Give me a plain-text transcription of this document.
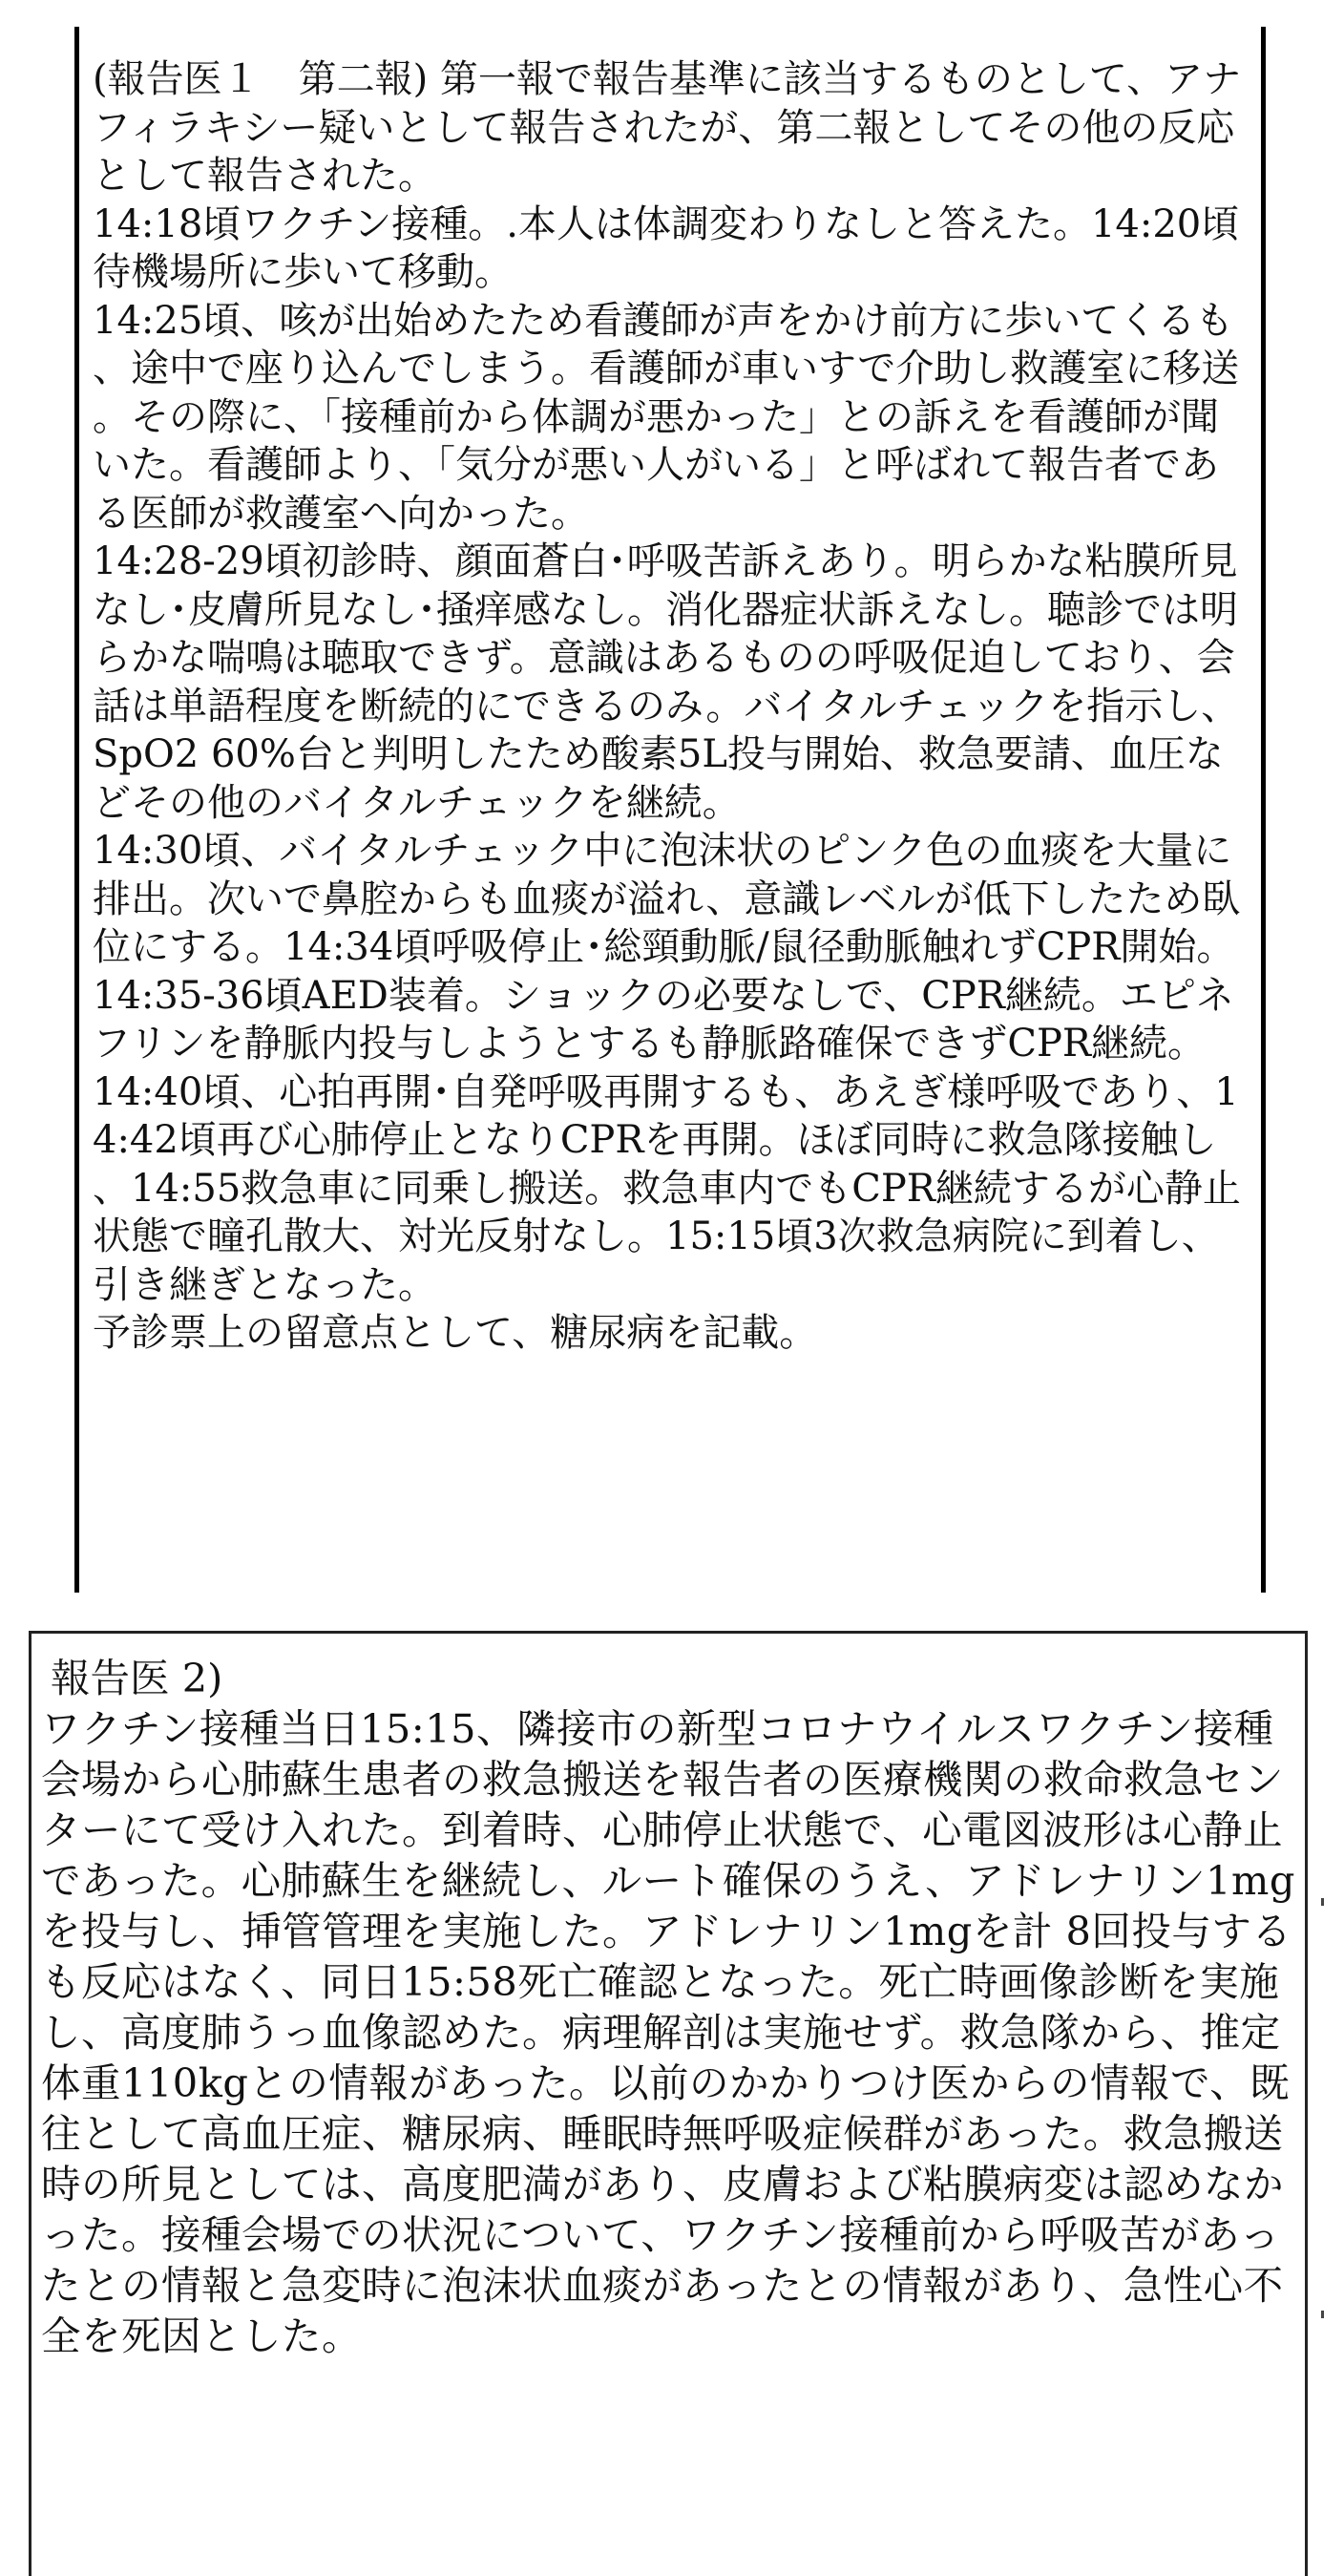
(報告医１　第二報) 第一報で報告基準に該当するものとして、アナフィラキシー疑いとして報告されたが、第二報としてその他の反応として報告された。

14:18頃ワクチン接種。.本人は体調変わりなしと答えた。14:20頃待機場所に歩いて移動。

14:25頃、咳が出始めたため看護師が声をかけ前方に歩いてくるも、途中で座り込んでしまう。看護師が車いすで介助し救護室に移送。その際に、「接種前から体調が悪かった」との訴えを看護師が聞いた。看護師より、「気分が悪い人がいる」と呼ばれて報告者である医師が救護室へ向かった。

14:28-29頃初診時、顔面蒼白･呼吸苦訴えあり。明らかな粘膜所見なし･皮膚所見なし･掻痒感なし。消化器症状訴えなし。聴診では明らかな喘鳴は聴取できず。意識はあるものの呼吸促迫しており、会話は単語程度を断続的にできるのみ。バイタルチェックを指示し、SpO2 60%台と判明したため酸素5L投与開始、救急要請、血圧などその他のバイタルチェックを継続。

14:30頃、バイタルチェック中に泡沫状のピンク色の血痰を大量に排出。次いで鼻腔からも血痰が溢れ、意識レベルが低下したため臥位にする。14:34頃呼吸停止･総頸動脈/鼠径動脈触れずCPR開始。14:35-36頃AED装着。ショックの必要なしで、CPR継続。エピネフリンを静脈内投与しようとするも静脈路確保できずCPR継続。

14:40頃、心拍再開･自発呼吸再開するも、あえぎ様呼吸であり、14:42頃再び心肺停止となりCPRを再開。ほぼ同時に救急隊接触し、14:55救急車に同乗し搬送。救急車内でもCPR継続するが心静止状態で瞳孔散大、対光反射なし。15:15頃3次救急病院に到着し、引き継ぎとなった。

予診票上の留意点として、糖尿病を記載。

報告医 2)

ワクチン接種当日15:15、隣接市の新型コロナウイルスワクチン接種会場から心肺蘇生患者の救急搬送を報告者の医療機関の救命救急センターにて受け入れた。到着時、心肺停止状態で、心電図波形は心静止であった。心肺蘇生を継続し、ルート確保のうえ、アドレナリン1mgを投与し、挿管管理を実施した。アドレナリン1mgを計 8回投与するも反応はなく、同日15:58死亡確認となった。死亡時画像診断を実施し、高度肺うっ血像認めた。病理解剖は実施せず。救急隊から、推定体重110kgとの情報があった。以前のかかりつけ医からの情報で、既往として高血圧症、糖尿病、睡眠時無呼吸症候群があった。救急搬送時の所見としては、高度肥満があり、皮膚および粘膜病変は認めなかった。接種会場での状況について、ワクチン接種前から呼吸苦があったとの情報と急変時に泡沫状血痰があったとの情報があり、急性心不全を死因とした。
